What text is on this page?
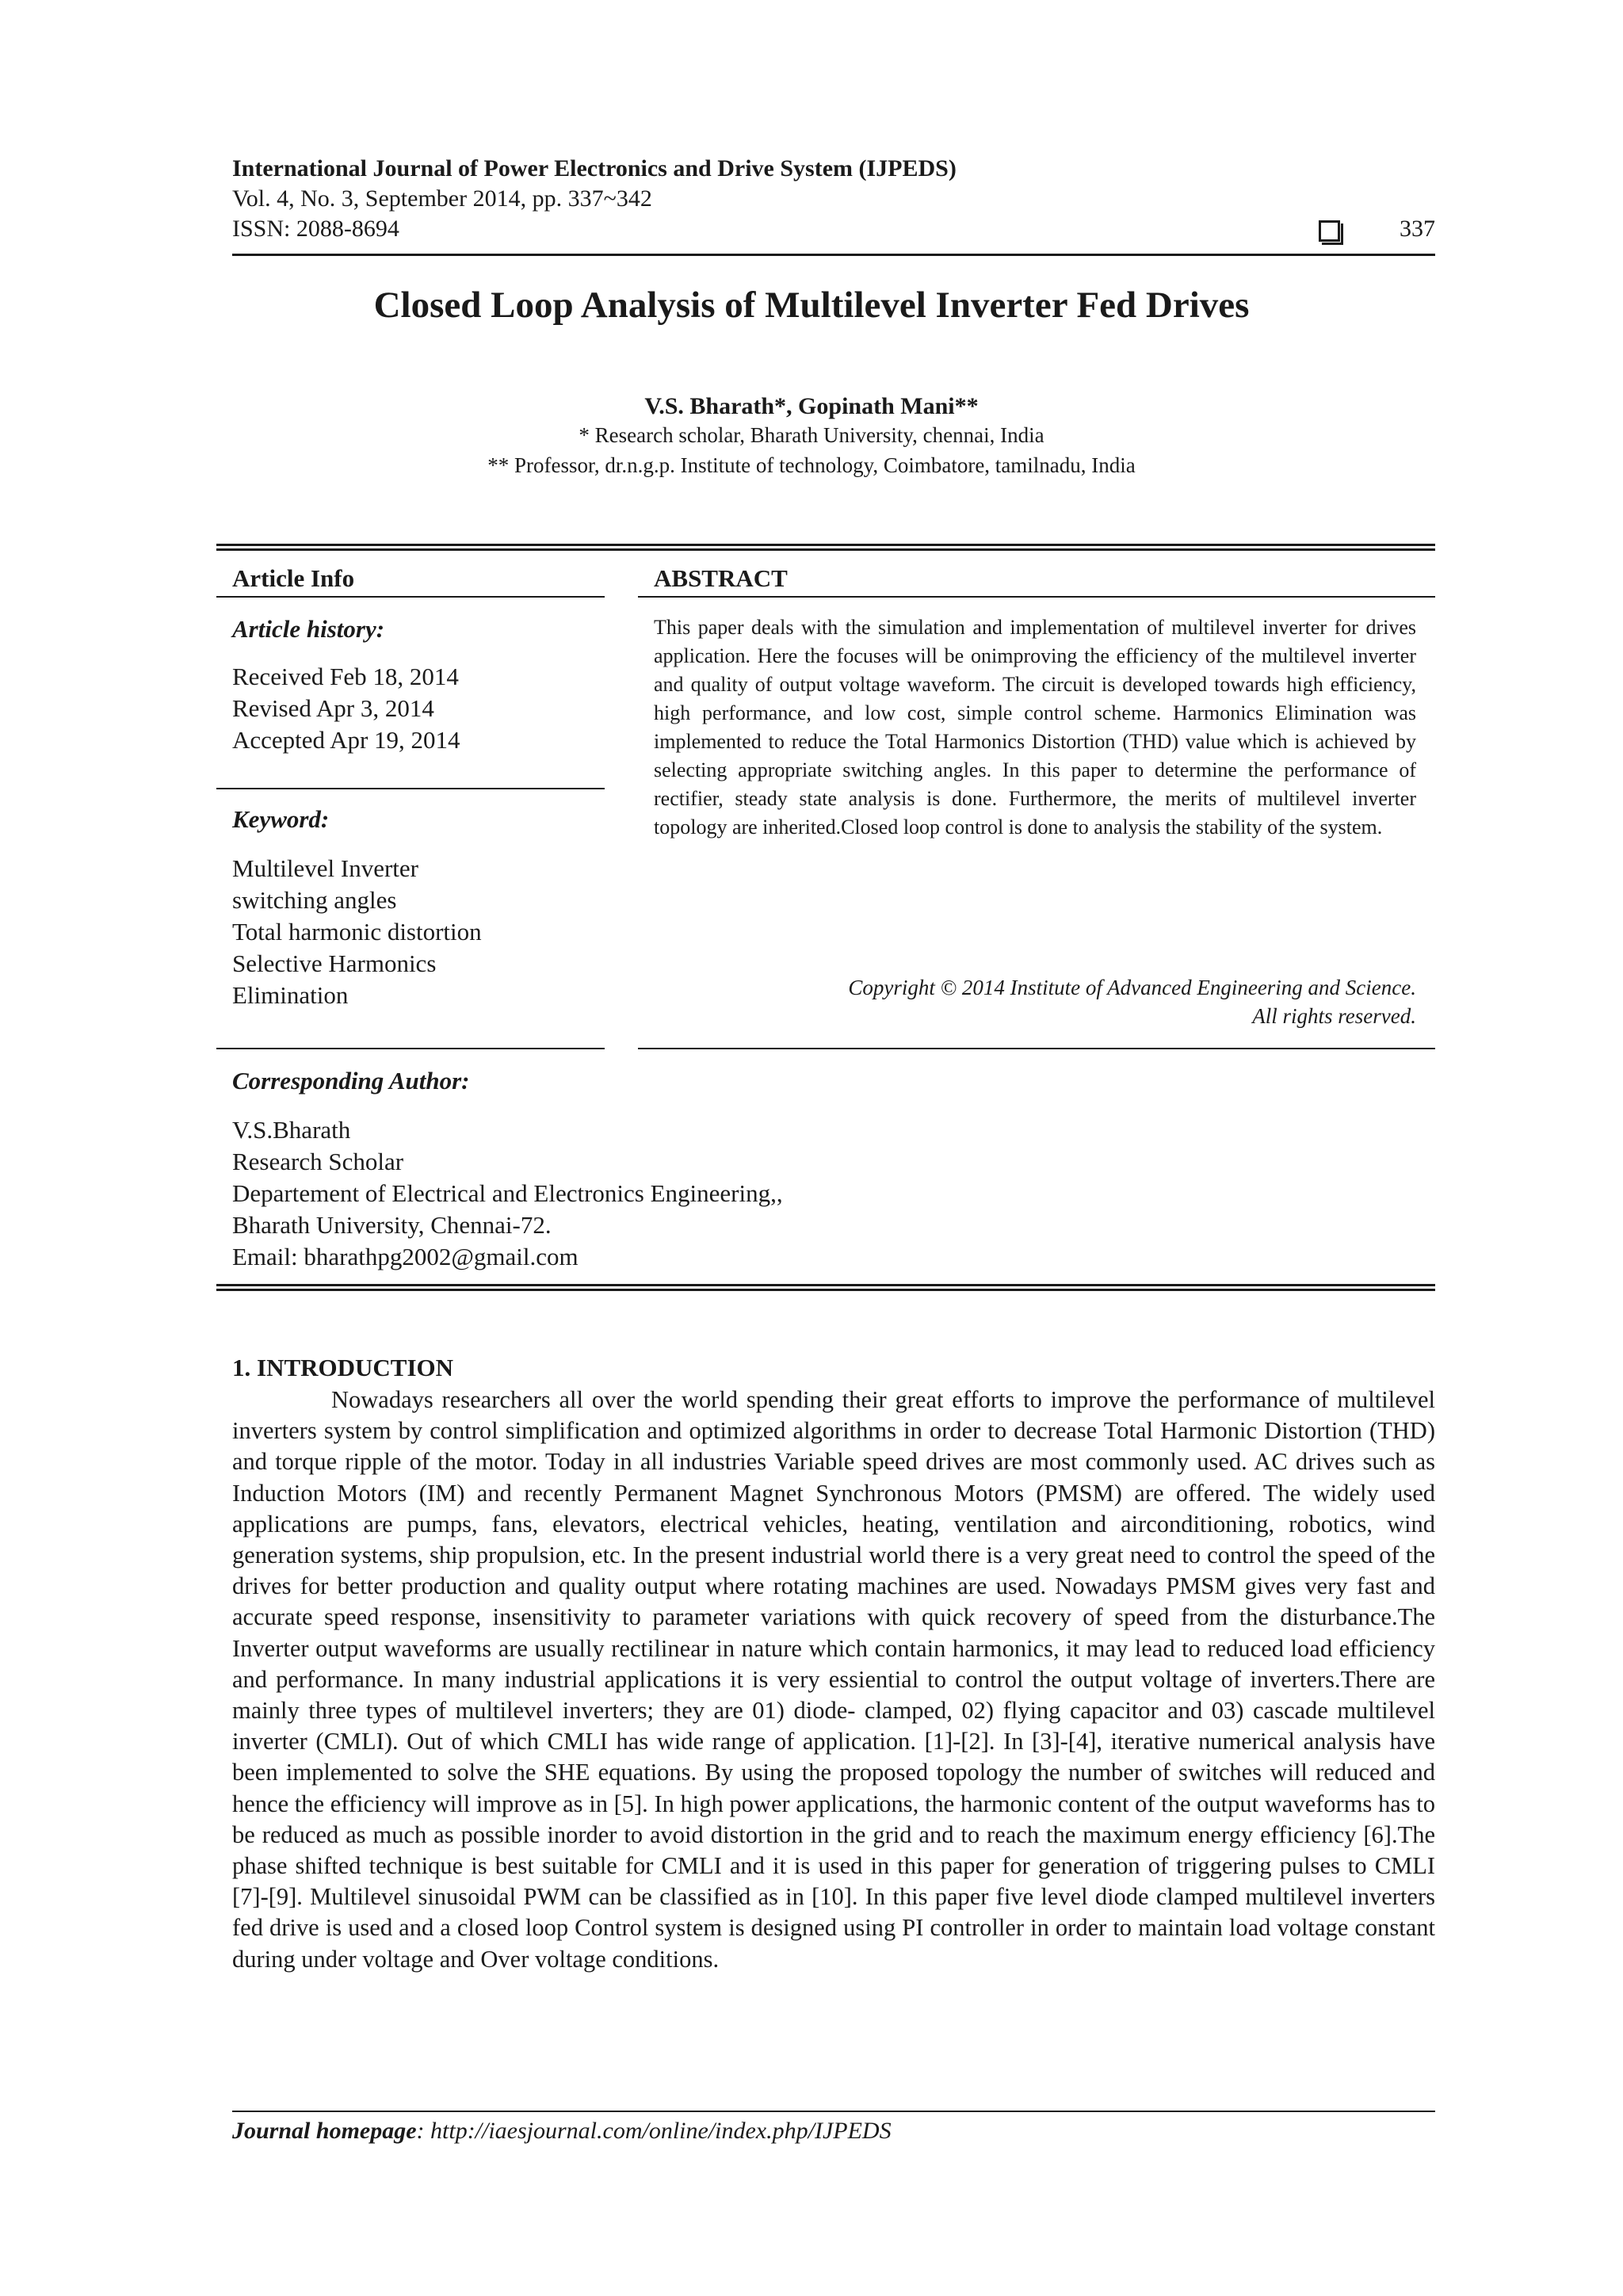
International Journal of Power Electronics and Drive System (IJPEDS)
Vol. 4, No. 3, September 2014, pp. 337~342
ISSN: 2088-8694	337
Closed Loop Analysis of Multilevel Inverter Fed Drives
V.S. Bharath*, Gopinath Mani**
* Research scholar, Bharath University, chennai, India
** Professor, dr.n.g.p. Institute of technology, Coimbatore, tamilnadu, India
Article Info
Article history:
Received Feb 18, 2014
Revised Apr 3, 2014
Accepted Apr 19, 2014
Keyword:
Multilevel Inverter
switching angles
Total harmonic distortion
Selective Harmonics
Elimination
ABSTRACT
This paper deals with the simulation and implementation of multilevel inverter for drives application. Here the focuses will be onimproving the efficiency of the multilevel inverter and quality of output voltage waveform. The circuit is developed towards high efficiency, high performance, and low cost, simple control scheme. Harmonics Elimination was implemented to reduce the Total Harmonics Distortion (THD) value which is achieved by selecting appropriate switching angles. In this paper to determine the performance of rectifier, steady state analysis is done. Furthermore, the merits of multilevel inverter topology are inherited.Closed loop control is done to analysis the stability of the system.
Copyright © 2014 Institute of Advanced Engineering and Science.
All rights reserved.
Corresponding Author:
V.S.Bharath
Research Scholar
Departement of Electrical and Electronics Engineering,,
Bharath University, Chennai-72.
Email: bharathpg2002@gmail.com
1. INTRODUCTION
Nowadays researchers all over the world spending their great efforts to improve the performance of multilevel inverters system by control simplification and optimized algorithms in order to decrease Total Harmonic Distortion (THD) and torque ripple of the motor. Today in all industries Variable speed drives are most commonly used. AC drives such as Induction Motors (IM) and recently Permanent Magnet Synchronous Motors (PMSM) are offered. The widely used applications are pumps, fans, elevators, electrical vehicles, heating, ventilation and airconditioning, robotics, wind generation systems, ship propulsion, etc. In the present industrial world there is a very great need to control the speed of the drives for better production and quality output where rotating machines are used. Nowadays PMSM gives very fast and accurate speed response, insensitivity to parameter variations with quick recovery of speed from the disturbance.The Inverter output waveforms are usually rectilinear in nature which contain harmonics, it may lead to reduced load efficiency and performance. In many industrial applications it is very essiential to control the output voltage of inverters.There are mainly three types of multilevel inverters; they are 01) diode- clamped, 02) flying capacitor and 03) cascade multilevel inverter (CMLI). Out of which CMLI has wide range of application. [1]-[2]. In [3]-[4], iterative numerical analysis have been implemented to solve the SHE equations. By using the proposed topology the number of switches will reduced and hence the efficiency will improve as in [5]. In high power applications, the harmonic content of the output waveforms has to be reduced as much as possible inorder to avoid distortion in the grid and to reach the maximum energy efficiency [6].The phase shifted technique is best suitable for CMLI and it is used in this paper for generation of triggering pulses to CMLI [7]-[9]. Multilevel sinusoidal PWM can be classified as in [10]. In this paper five level diode clamped multilevel inverters fed drive is used and a closed loop Control system is designed using PI controller in order to maintain load voltage constant during under voltage and Over voltage conditions.
Journal homepage: http://iaesjournal.com/online/index.php/IJPEDS
